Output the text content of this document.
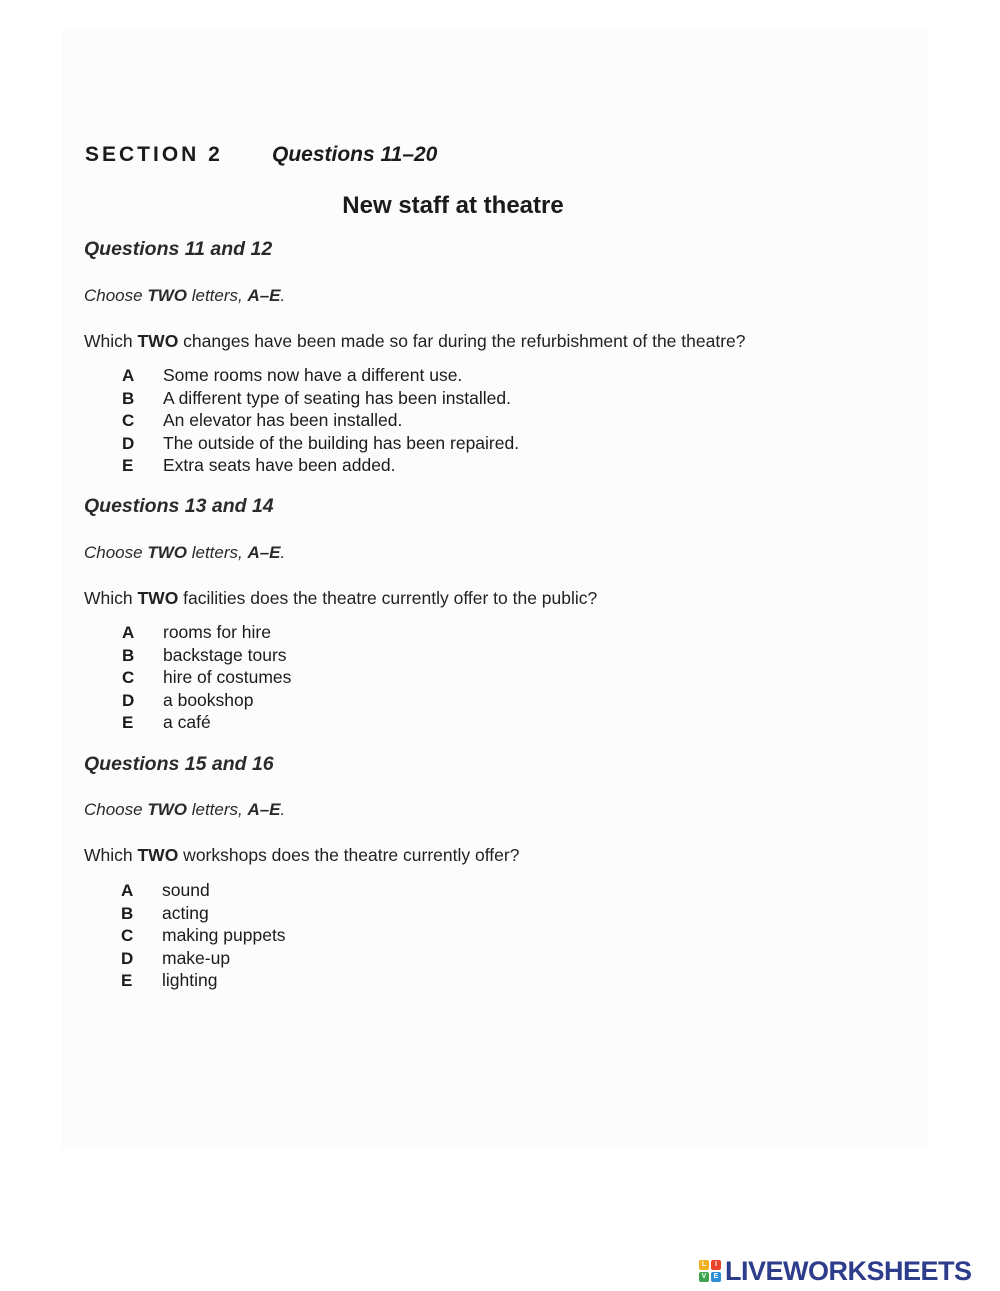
SECTION 2 Questions 11–20
New staff at theatre
Questions 11 and 12
Choose TWO letters, A–E.
Which TWO changes have been made so far during the refurbishment of the theatre?
A Some rooms now have a different use.
B A different type of seating has been installed.
C An elevator has been installed.
D The outside of the building has been repaired.
E Extra seats have been added.
Questions 13 and 14
Choose TWO letters, A–E.
Which TWO facilities does the theatre currently offer to the public?
A rooms for hire
B backstage tours
C hire of costumes
D a bookshop
E a café
Questions 15 and 16
Choose TWO letters, A–E.
Which TWO workshops does the theatre currently offer?
A sound
B acting
C making puppets
D make-up
E lighting
L	I
V	E LIVEWORKSHEETS
